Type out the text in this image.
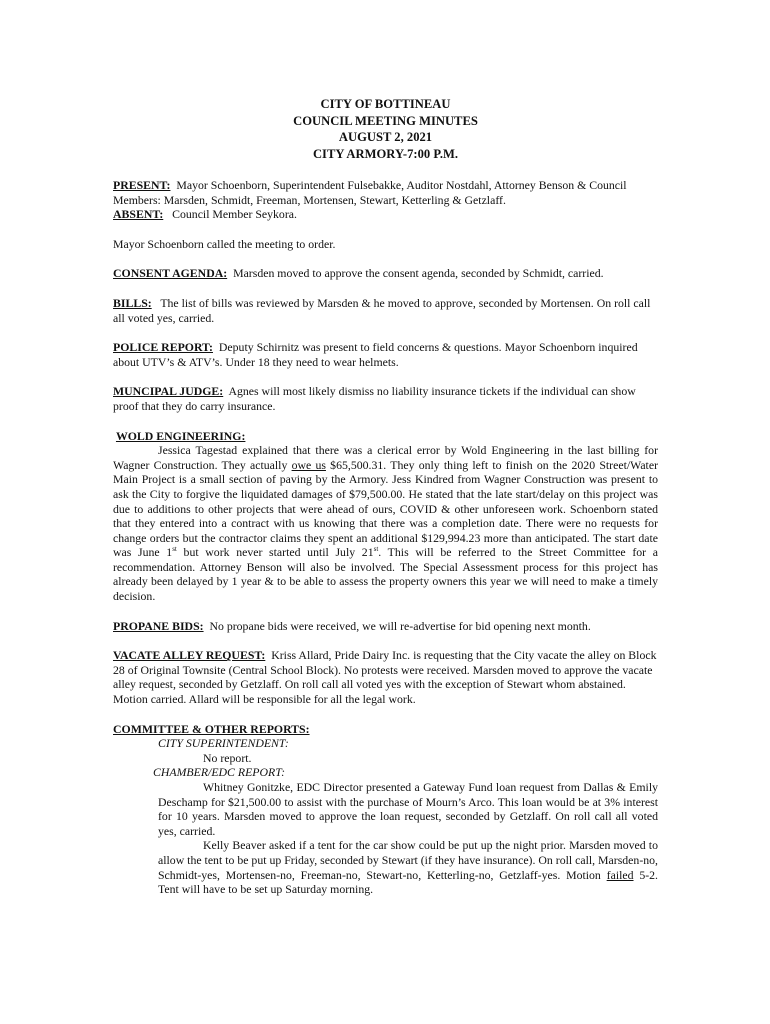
CITY OF BOTTINEAU
COUNCIL MEETING MINUTES
AUGUST 2, 2021
CITY ARMORY-7:00 P.M.

PRESENT: Mayor Schoenborn, Superintendent Fulsebakke, Auditor Nostdahl, Attorney Benson & Council Members: Marsden, Schmidt, Freeman, Mortensen, Stewart, Ketterling & Getzlaff.

ABSENT: Council Member Seykora.

Mayor Schoenborn called the meeting to order.

CONSENT AGENDA: Marsden moved to approve the consent agenda, seconded by Schmidt, carried.

BILLS: The list of bills was reviewed by Marsden & he moved to approve, seconded by Mortensen. On roll call all voted yes, carried.

POLICE REPORT: Deputy Schirnitz was present to field concerns & questions. Mayor Schoenborn inquired about UTV’s & ATV’s. Under 18 they need to wear helmets.

MUNCIPAL JUDGE: Agnes will most likely dismiss no liability insurance tickets if the individual can show proof that they do carry insurance.

WOLD ENGINEERING:

Jessica Tagestad explained that there was a clerical error by Wold Engineering in the last billing for Wagner Construction. They actually owe us $65,500.31. They only thing left to finish on the 2020 Street/Water Main Project is a small section of paving by the Armory. Jess Kindred from Wagner Construction was present to ask the City to forgive the liquidated damages of $79,500.00. He stated that the late start/delay on this project was due to additions to other projects that were ahead of ours, COVID & other unforeseen work. Schoenborn stated that they entered into a contract with us knowing that there was a completion date. There were no requests for change orders but the contractor claims they spent an additional $129,994.23 more than anticipated. The start date was June 1st but work never started until July 21st. This will be referred to the Street Committee for a recommendation. Attorney Benson will also be involved. The Special Assessment process for this project has already been delayed by 1 year & to be able to assess the property owners this year we will need to make a timely decision.

PROPANE BIDS: No propane bids were received, we will re-advertise for bid opening next month.

VACATE ALLEY REQUEST: Kriss Allard, Pride Dairy Inc. is requesting that the City vacate the alley on Block 28 of Original Townsite (Central School Block). No protests were received. Marsden moved to approve the vacate alley request, seconded by Getzlaff. On roll call all voted yes with the exception of Stewart whom abstained. Motion carried. Allard will be responsible for all the legal work.

COMMITTEE & OTHER REPORTS:

CITY SUPERINTENDENT:

No report.

CHAMBER/EDC REPORT:

Whitney Gonitzke, EDC Director presented a Gateway Fund loan request from Dallas & Emily Deschamp for $21,500.00 to assist with the purchase of Mourn’s Arco. This loan would be at 3% interest for 10 years. Marsden moved to approve the loan request, seconded by Getzlaff. On roll call all voted yes, carried.

Kelly Beaver asked if a tent for the car show could be put up the night prior. Marsden moved to allow the tent to be put up Friday, seconded by Stewart (if they have insurance). On roll call, Marsden-no, Schmidt-yes, Mortensen-no, Freeman-no, Stewart-no, Ketterling-no, Getzlaff-yes. Motion failed 5-2. Tent will have to be set up Saturday morning.
